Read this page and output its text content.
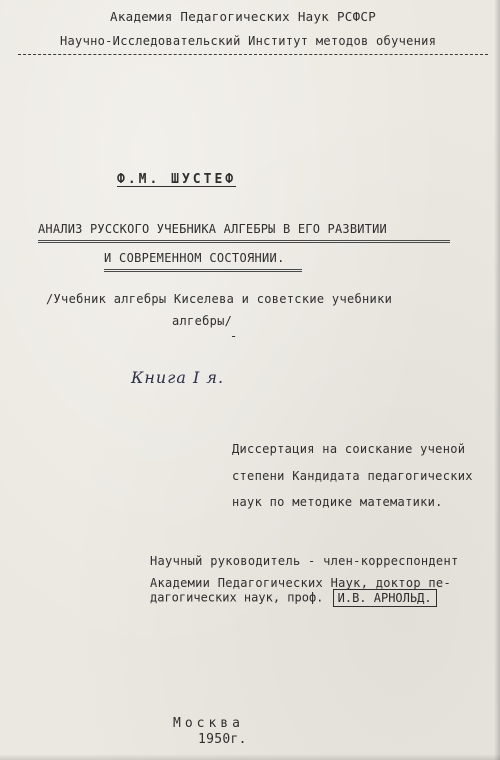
Академия Педагогических Наук РСФСР
Научно-Исследовательский Институт методов обучения
Ф.М. ШУСТЕФ
АНАЛИЗ РУССКОГО УЧЕБНИКА АЛГЕБРЫ В ЕГО РАЗВИТИИ
И СОВРЕМЕННОМ СОСТОЯНИИ.
/Учебник алгебры Киселева и советские учебники
алгебры/
-
Книга I я.
Диссертация на соискание ученой
степени Кандидата педагогических
наук по методике математики.
Научный руководитель - член-корреспондент
Академии Педагогических Наук, доктор пе-
дагогических наук, проф. И.В. АРНОЛЬД.
Москва
1950г.
